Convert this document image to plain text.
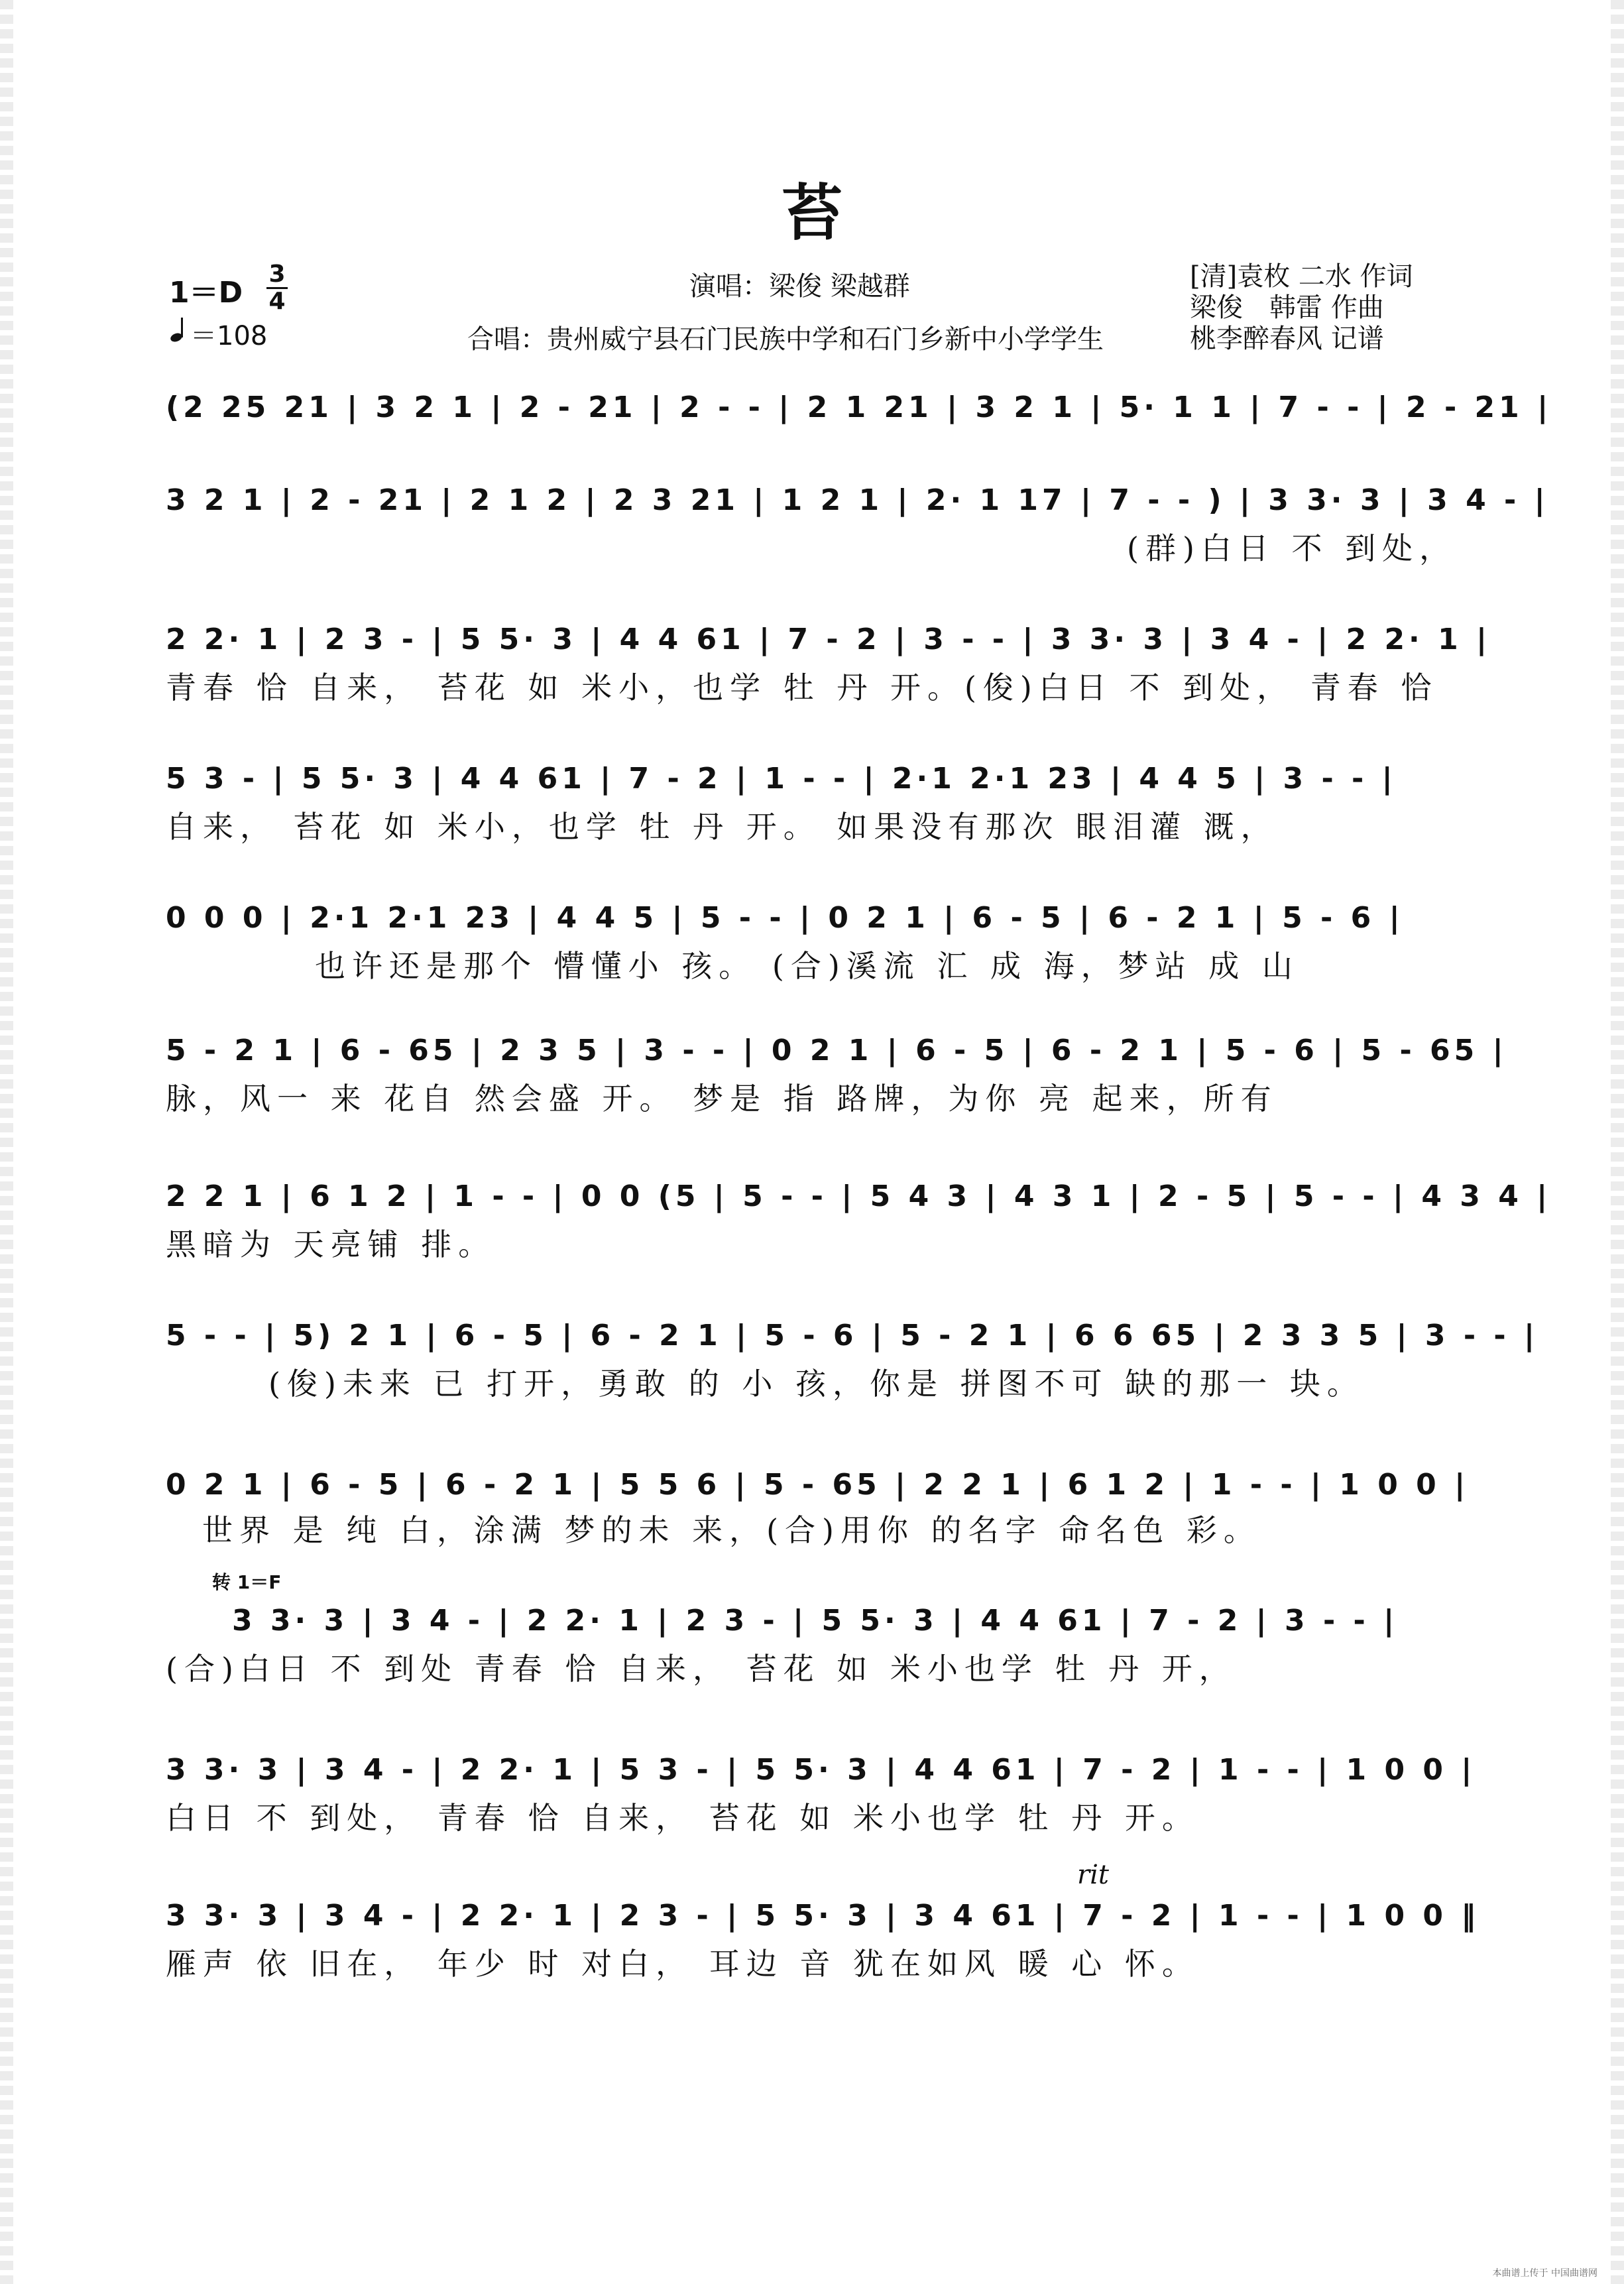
苔
1＝D
3
4
＝108
演唱：梁俊 梁越群
合唱：贵州威宁县石门民族中学和石门乡新中小学学生
[清]袁枚 二水 作词
梁俊　韩雷 作曲
桃李醉春风 记谱
(2 25 21 | 3 2 1 | 2 - 21 | 2 - - | 2 1 21 | 3 2 1 | 5· 1 1 | 7 - - | 2 - 21 |
3 2 1 | 2 - 21 | 2 1 2 | 2 3 21 | 1 2 1 | 2· 1 17 | 7 - - ) | 3 3· 3 | 3 4 - |
(群)白日 不 到处，
2 2· 1 | 2 3 - | 5 5· 3 | 4 4 61 | 7 - 2 | 3 - - | 3 3· 3 | 3 4 - | 2 2· 1 |
青春 恰 自来， 苔花 如 米小，也学 牡 丹 开。(俊)白日 不 到处， 青春 恰
5 3 - | 5 5· 3 | 4 4 61 | 7 - 2 | 1 - - | 2·1 2·1 23 | 4 4 5 | 3 - - |
自来， 苔花 如 米小，也学 牡 丹 开。 如果没有那次 眼泪灌 溉，
0 0 0 | 2·1 2·1 23 | 4 4 5 | 5 - - | 0 2 1 | 6 - 5 | 6 - 2 1 | 5 - 6 |
也许还是那个 懵懂小 孩。 (合)溪流 汇 成 海，梦站 成 山
5 - 2 1 | 6 - 65 | 2 3 5 | 3 - - | 0 2 1 | 6 - 5 | 6 - 2 1 | 5 - 6 | 5 - 65 |
脉，风一 来 花自 然会盛 开。 梦是 指 路牌，为你 亮 起来，所有
2 2 1 | 6 1 2 | 1 - - | 0 0 (5 | 5 - - | 5 4 3 | 4 3 1 | 2 - 5 | 5 - - | 4 3 4 |
黑暗为 天亮铺 排。
5 - - | 5) 2 1 | 6 - 5 | 6 - 2 1 | 5 - 6 | 5 - 2 1 | 6 6 65 | 2 3 3 5 | 3 - - |
(俊)未来 已 打开，勇敢 的 小 孩，你是 拼图不可 缺的那一 块。
0 2 1 | 6 - 5 | 6 - 2 1 | 5 5 6 | 5 - 65 | 2 2 1 | 6 1 2 | 1 - - | 1 0 0 |
世界 是 纯 白，涂满 梦的未 来，(合)用你 的名字 命名色 彩。
转 1＝F
3 3· 3 | 3 4 - | 2 2· 1 | 2 3 - | 5 5· 3 | 4 4 61 | 7 - 2 | 3 - - |
(合)白日 不 到处 青春 恰 自来， 苔花 如 米小也学 牡 丹 开，
3 3· 3 | 3 4 - | 2 2· 1 | 5 3 - | 5 5· 3 | 4 4 61 | 7 - 2 | 1 - - | 1 0 0 |
白日 不 到处， 青春 恰 自来， 苔花 如 米小也学 牡 丹 开。
rit
3 3· 3 | 3 4 - | 2 2· 1 | 2 3 - | 5 5· 3 | 3 4 61 | 7 - 2 | 1 - - | 1 0 0 ‖
雁声 依 旧在， 年少 时 对白， 耳边 音 犹在如风 暖 心 怀。
本曲谱上传于 中国曲谱网
